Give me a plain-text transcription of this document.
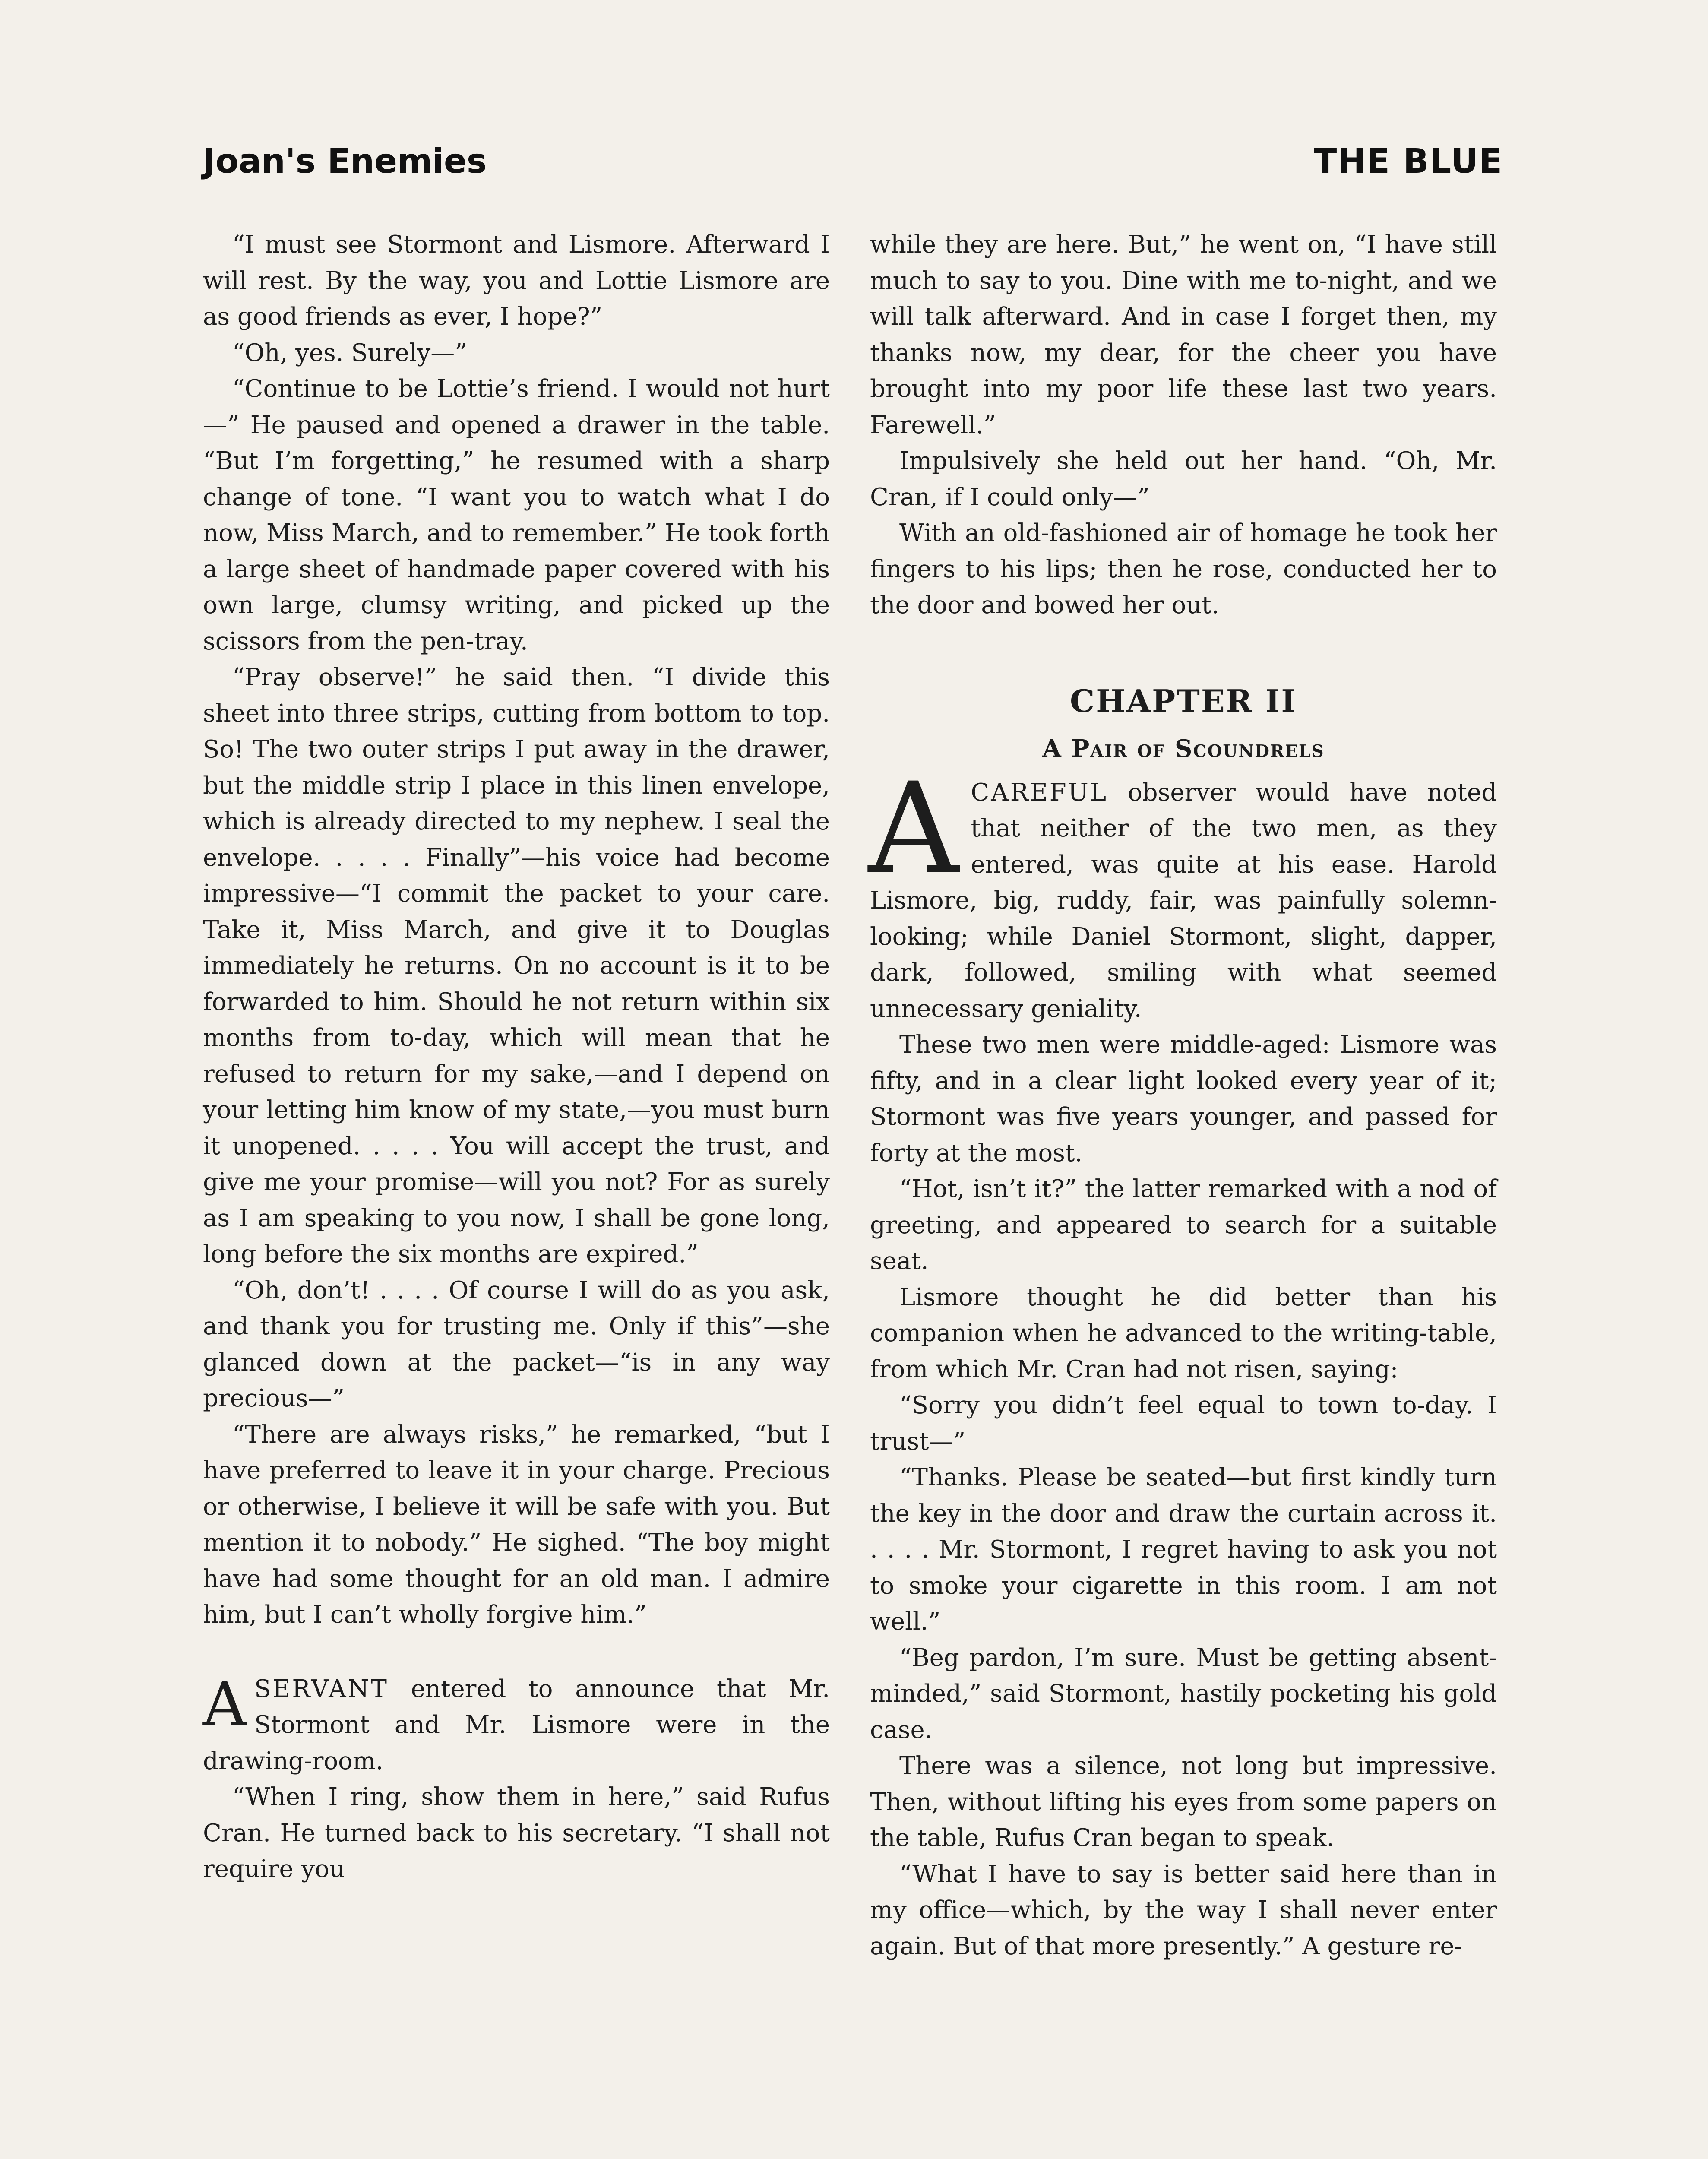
Joan's Enemies	THE BLUE

“I must see Stormont and Lismore. Afterward I will rest. By the way, you and Lottie Lismore are as good friends as ever, I hope?”

“Oh, yes. Surely—”

“Continue to be Lottie’s friend. I would not hurt—” He paused and opened a drawer in the table. “But I’m forgetting,” he resumed with a sharp change of tone. “I want you to watch what I do now, Miss March, and to remember.” He took forth a large sheet of handmade paper covered with his own large, clumsy writing, and picked up the scissors from the pen-tray.

“Pray observe!” he said then. “I divide this sheet into three strips, cutting from bottom to top. So! The two outer strips I put away in the drawer, but the middle strip I place in this linen envelope, which is already directed to my nephew. I seal the envelope. . . . . Finally”—his voice had become impressive—“I commit the packet to your care. Take it, Miss March, and give it to Douglas immediately he returns. On no account is it to be forwarded to him. Should he not return within six months from to-day, which will mean that he refused to return for my sake,—and I depend on your letting him know of my state,—you must burn it unopened. . . . . You will accept the trust, and give me your promise—will you not? For as surely as I am speaking to you now, I shall be gone long, long before the six months are expired.”

“Oh, don’t! . . . . Of course I will do as you ask, and thank you for trusting me. Only if this”—she glanced down at the packet—“is in any way precious—”

“There are always risks,” he remarked, “but I have preferred to leave it in your charge. Precious or otherwise, I believe it will be safe with you. But mention it to nobody.” He sighed. “The boy might have had some thought for an old man. I admire him, but I can’t wholly forgive him.”

ASERVANT entered to announce that Mr. Stormont and Mr. Lismore were in the drawing-room.

“When I ring, show them in here,” said Rufus Cran. He turned back to his secretary. “I shall not require you

while they are here. But,” he went on, “I have still much to say to you. Dine with me to-night, and we will talk afterward. And in case I forget then, my thanks now, my dear, for the cheer you have brought into my poor life these last two years. Farewell.”

Impulsively she held out her hand. “Oh, Mr. Cran, if I could only—”

With an old-fashioned air of homage he took her fingers to his lips; then he rose, conducted her to the door and bowed her out.

CHAPTER II
A Pair of Scoundrels

ACAREFUL observer would have noted that neither of the two men, as they entered, was quite at his ease. Harold Lismore, big, ruddy, fair, was painfully solemn-looking; while Daniel Stormont, slight, dapper, dark, followed, smiling with what seemed unnecessary geniality.

These two men were middle-aged: Lismore was fifty, and in a clear light looked every year of it; Stormont was five years younger, and passed for forty at the most.

“Hot, isn’t it?” the latter remarked with a nod of greeting, and appeared to search for a suitable seat.

Lismore thought he did better than his companion when he advanced to the writing-table, from which Mr. Cran had not risen, saying:

“Sorry you didn’t feel equal to town to-day. I trust—”

“Thanks. Please be seated—but first kindly turn the key in the door and draw the curtain across it. . . . . Mr. Stormont, I regret having to ask you not to smoke your cigarette in this room. I am not well.”

“Beg pardon, I’m sure. Must be getting absent-minded,” said Stormont, hastily pocketing his gold case.

There was a silence, not long but impressive. Then, without lifting his eyes from some papers on the table, Rufus Cran began to speak.

“What I have to say is better said here than in my office—which, by the way I shall never enter again. But of that more presently.” A gesture re-
